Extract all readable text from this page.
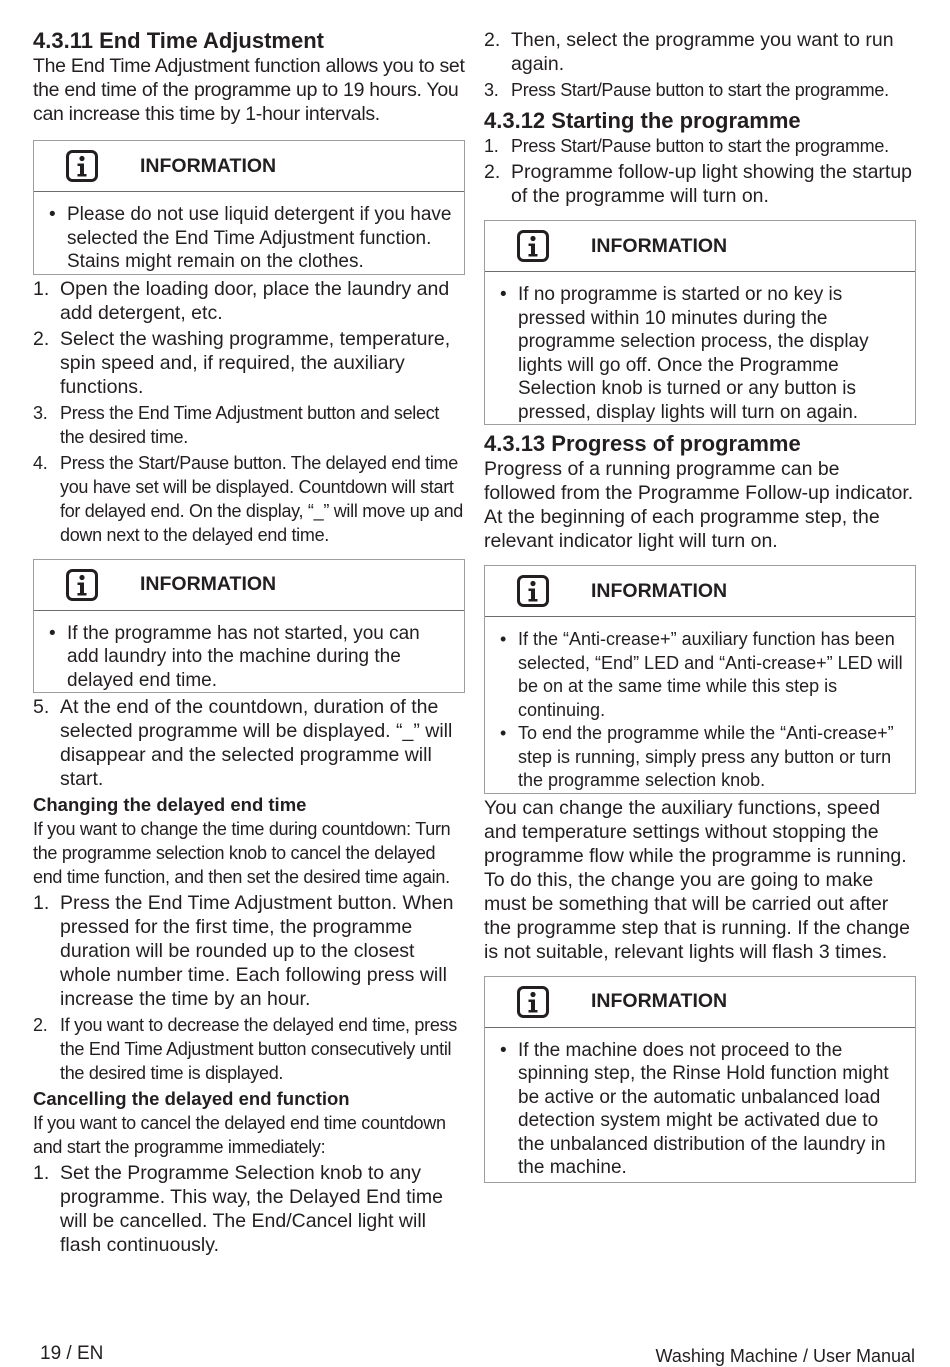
4.3.11 End Time Adjustment

The End Time Adjustment function allows you to set the end time of the programme up to 19 hours. You can increase this time by 1-hour intervals.

INFORMATION
• Please do not use liquid detergent if you have selected the End Time Adjustment function. Stains might remain on the clothes.
1. Open the loading door, place the laundry and add detergent, etc.
2. Select the washing programme, temperature, spin speed and, if required, the auxiliary functions.
3. Press the End Time Adjustment button and select the desired time.
4. Press the Start/Pause button. The delayed end time you have set will be displayed. Countdown will start for delayed end. On the display, “_” will move up and down next to the delayed end time.
INFORMATION
• If the programme has not started, you can add laundry into the machine during the delayed end time.
5. At the end of the countdown, duration of the selected programme will be displayed. “_” will disappear and the selected programme will start.
Changing the delayed end time

If you want to change the time during countdown: Turn the programme selection knob to cancel the delayed end time function, and then set the desired time again.

1. Press the End Time Adjustment button. When pressed for the first time, the programme duration will be rounded up to the closest whole number time. Each following press will increase the time by an hour.
2. If you want to decrease the delayed end time, press the End Time Adjustment button consecutively until the desired time is displayed.
Cancelling the delayed end function

If you want to cancel the delayed end time countdown and start the programme immediately:

1. Set the Programme Selection knob to any programme. This way, the Delayed End time will be cancelled. The End/Cancel light will flash continuously.
2. Then, select the programme you want to run again.
3. Press Start/Pause button to start the programme.
4.3.12 Starting the programme
1. Press Start/Pause button to start the programme.
2. Programme follow-up light showing the startup of the programme will turn on.
INFORMATION
• If no programme is started or no key is pressed within 10 minutes during the programme selection process, the display lights will go off. Once the Programme Selection knob is turned or any button is pressed, display lights will turn on again.
4.3.13 Progress of programme

Progress of a running programme can be followed from the Programme Follow-up indicator. At the beginning of each programme step, the relevant indicator light will turn on.

INFORMATION
• If the “Anti-crease+” auxiliary function has been selected, “End” LED and “Anti-crease+” LED will be on at the same time while this step is continuing.
• To end the programme while the “Anti-crease+” step is running, simply press any button or turn the programme selection knob.

You can change the auxiliary functions, speed and temperature settings without stopping the programme flow while the programme is running. To do this, the change you are going to make must be something that will be carried out after the programme step that is running. If the change is not suitable, relevant lights will flash 3 times.

INFORMATION
• If the machine does not proceed to the spinning step, the Rinse Hold function might be active or the automatic unbalanced load detection system might be activated due to the unbalanced distribution of the laundry in the machine.
19 / EN	Washing Machine / User Manual
